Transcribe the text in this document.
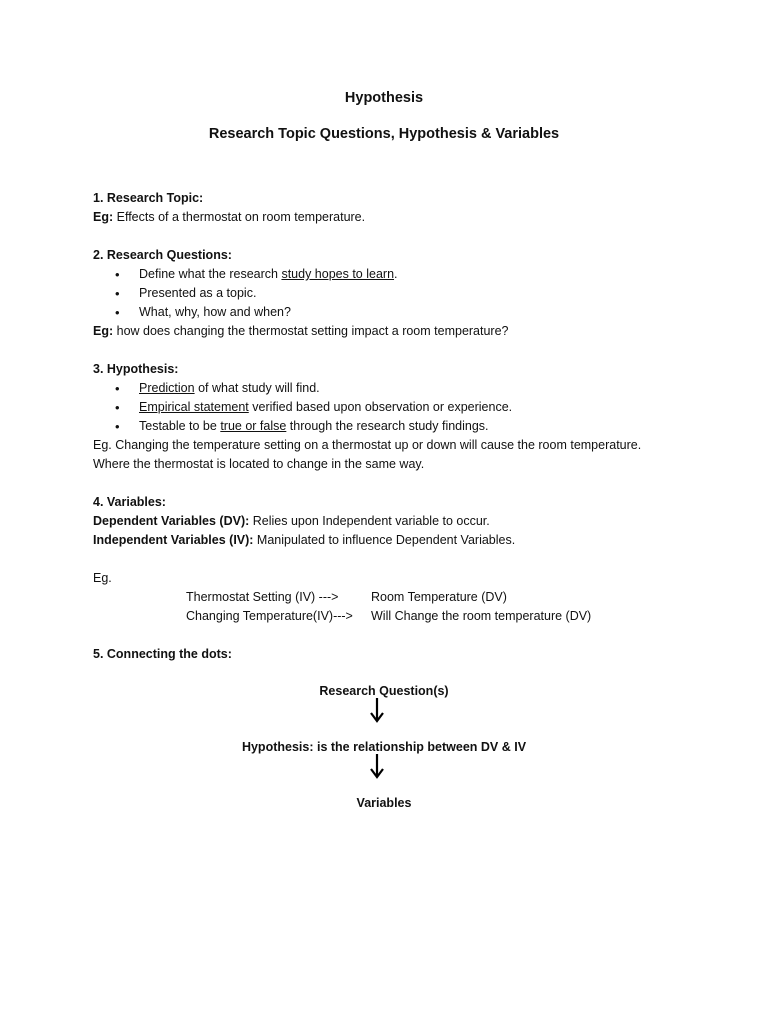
Hypothesis
Research Topic Questions, Hypothesis & Variables

1. Research Topic:

Eg: Effects of a thermostat on room temperature.

2. Research Questions:

• Define what the research study hopes to learn.
• Presented as a topic.
• What, why, how and when?

Eg: how does changing the thermostat setting impact a room temperature?

3. Hypothesis:

• Prediction of what study will find.
• Empirical statement verified based upon observation or experience.
• Testable to be true or false through the research study findings.

Eg. Changing the temperature setting on a thermostat up or down will cause the room temperature.

Where the thermostat is located to change in the same way.

4. Variables:

Dependent Variables (DV): Relies upon Independent variable to occur.

Independent Variables (IV): Manipulated to influence Dependent Variables.

Eg.

Thermostat Setting (IV) --->	Room Temperature (DV)
Changing Temperature(IV)--->	Will Change the room temperature (DV)

5. Connecting the dots:

Research Question(s)
Hypothesis: is the relationship between DV & IV
Variables
